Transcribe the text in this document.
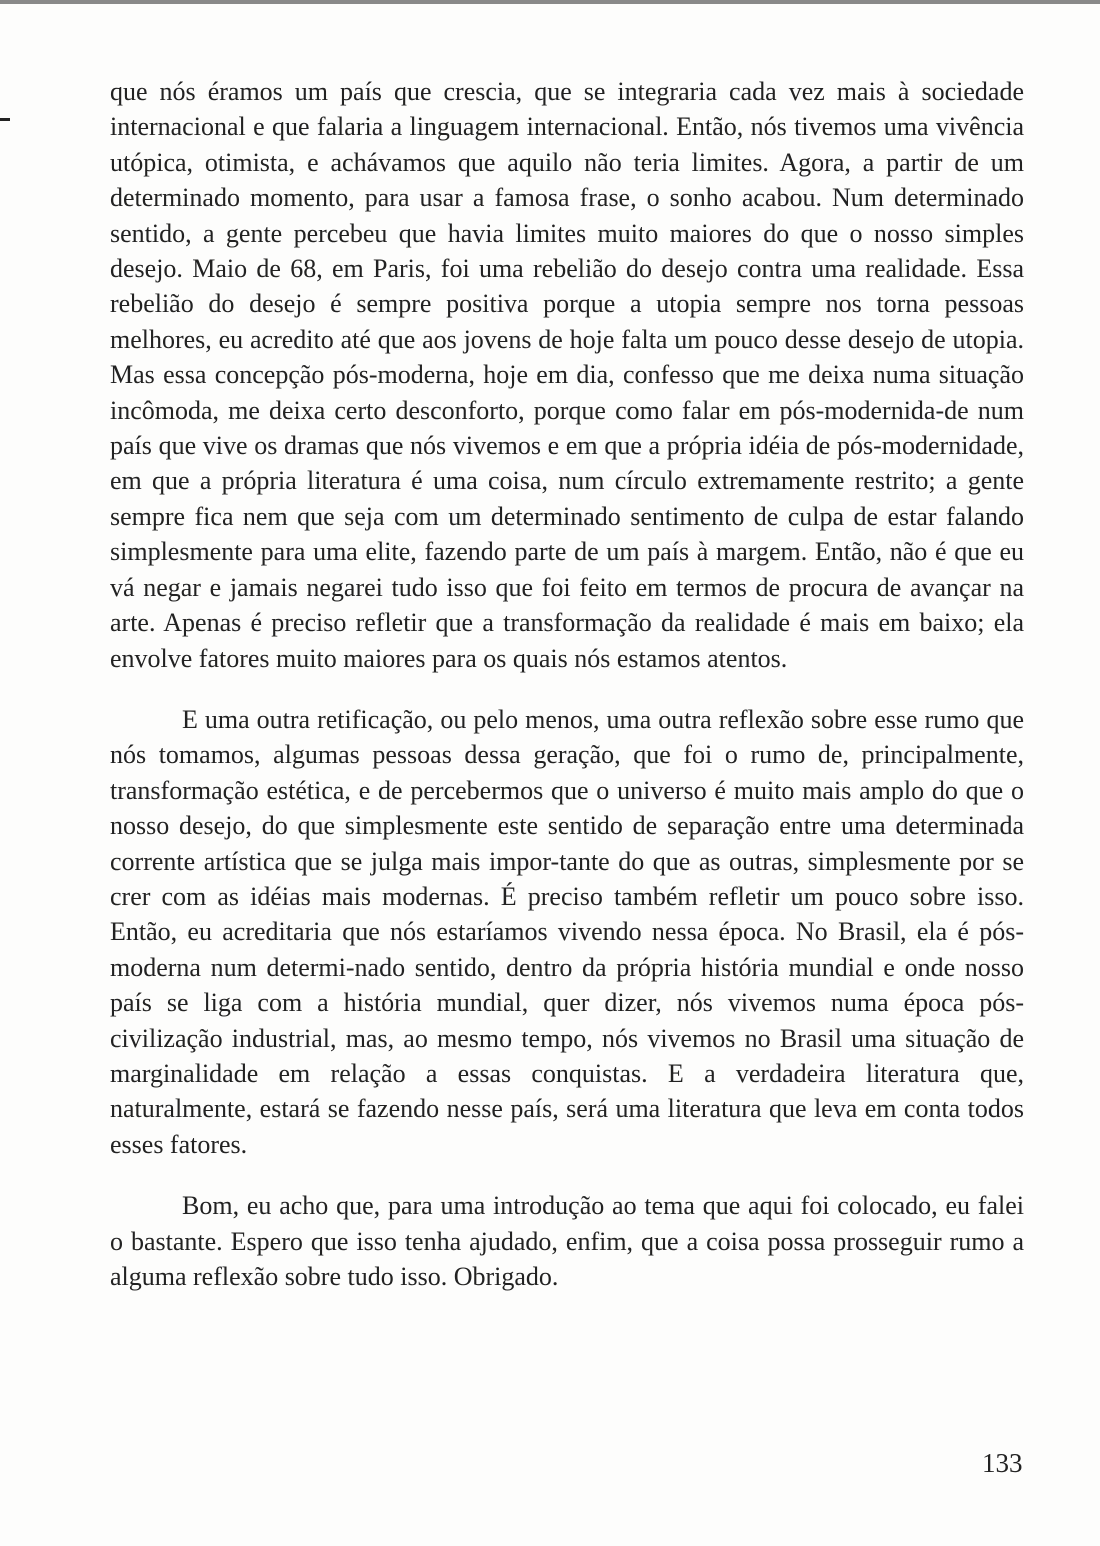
que nós éramos um país que crescia, que se integraria cada vez mais à sociedade internacional e que falaria a linguagem internacional. Então, nós tivemos uma vivência utópica, otimista, e achávamos que aquilo não teria limites. Agora, a partir de um determinado momento, para usar a famosa frase, o sonho acabou. Num determinado sentido, a gente percebeu que havia limites muito maiores do que o nosso simples desejo. Maio de 68, em Paris, foi uma rebelião do desejo contra uma realidade. Essa rebelião do desejo é sempre positiva porque a utopia sempre nos torna pessoas melhores, eu acredito até que aos jovens de hoje falta um pouco desse desejo de utopia. Mas essa concepção pós-moderna, hoje em dia, confesso que me deixa numa situação incômoda, me deixa certo desconforto, porque como falar em pós-modernida-de num país que vive os dramas que nós vivemos e em que a própria idéia de pós-modernidade, em que a própria literatura é uma coisa, num círculo extremamente restrito; a gente sempre fica nem que seja com um determinado sentimento de culpa de estar falando simplesmente para uma elite, fazendo parte de um país à margem. Então, não é que eu vá negar e jamais negarei tudo isso que foi feito em termos de procura de avançar na arte. Apenas é preciso refletir que a transformação da realidade é mais em baixo; ela envolve fatores muito maiores para os quais nós estamos atentos.

E uma outra retificação, ou pelo menos, uma outra reflexão sobre esse rumo que nós tomamos, algumas pessoas dessa geração, que foi o rumo de, principalmente, transformação estética, e de percebermos que o universo é muito mais amplo do que o nosso desejo, do que simplesmente este sentido de separação entre uma determinada corrente artística que se julga mais impor-tante do que as outras, simplesmente por se crer com as idéias mais modernas. É preciso também refletir um pouco sobre isso. Então, eu acreditaria que nós estaríamos vivendo nessa época. No Brasil, ela é pós-moderna num determi-nado sentido, dentro da própria história mundial e onde nosso país se liga com a história mundial, quer dizer, nós vivemos numa época pós-civilização industrial, mas, ao mesmo tempo, nós vivemos no Brasil uma situação de marginalidade em relação a essas conquistas. E a verdadeira literatura que, naturalmente, estará se fazendo nesse país, será uma literatura que leva em conta todos esses fatores.

Bom, eu acho que, para uma introdução ao tema que aqui foi colocado, eu falei o bastante. Espero que isso tenha ajudado, enfim, que a coisa possa prosseguir rumo a alguma reflexão sobre tudo isso. Obrigado.

133
